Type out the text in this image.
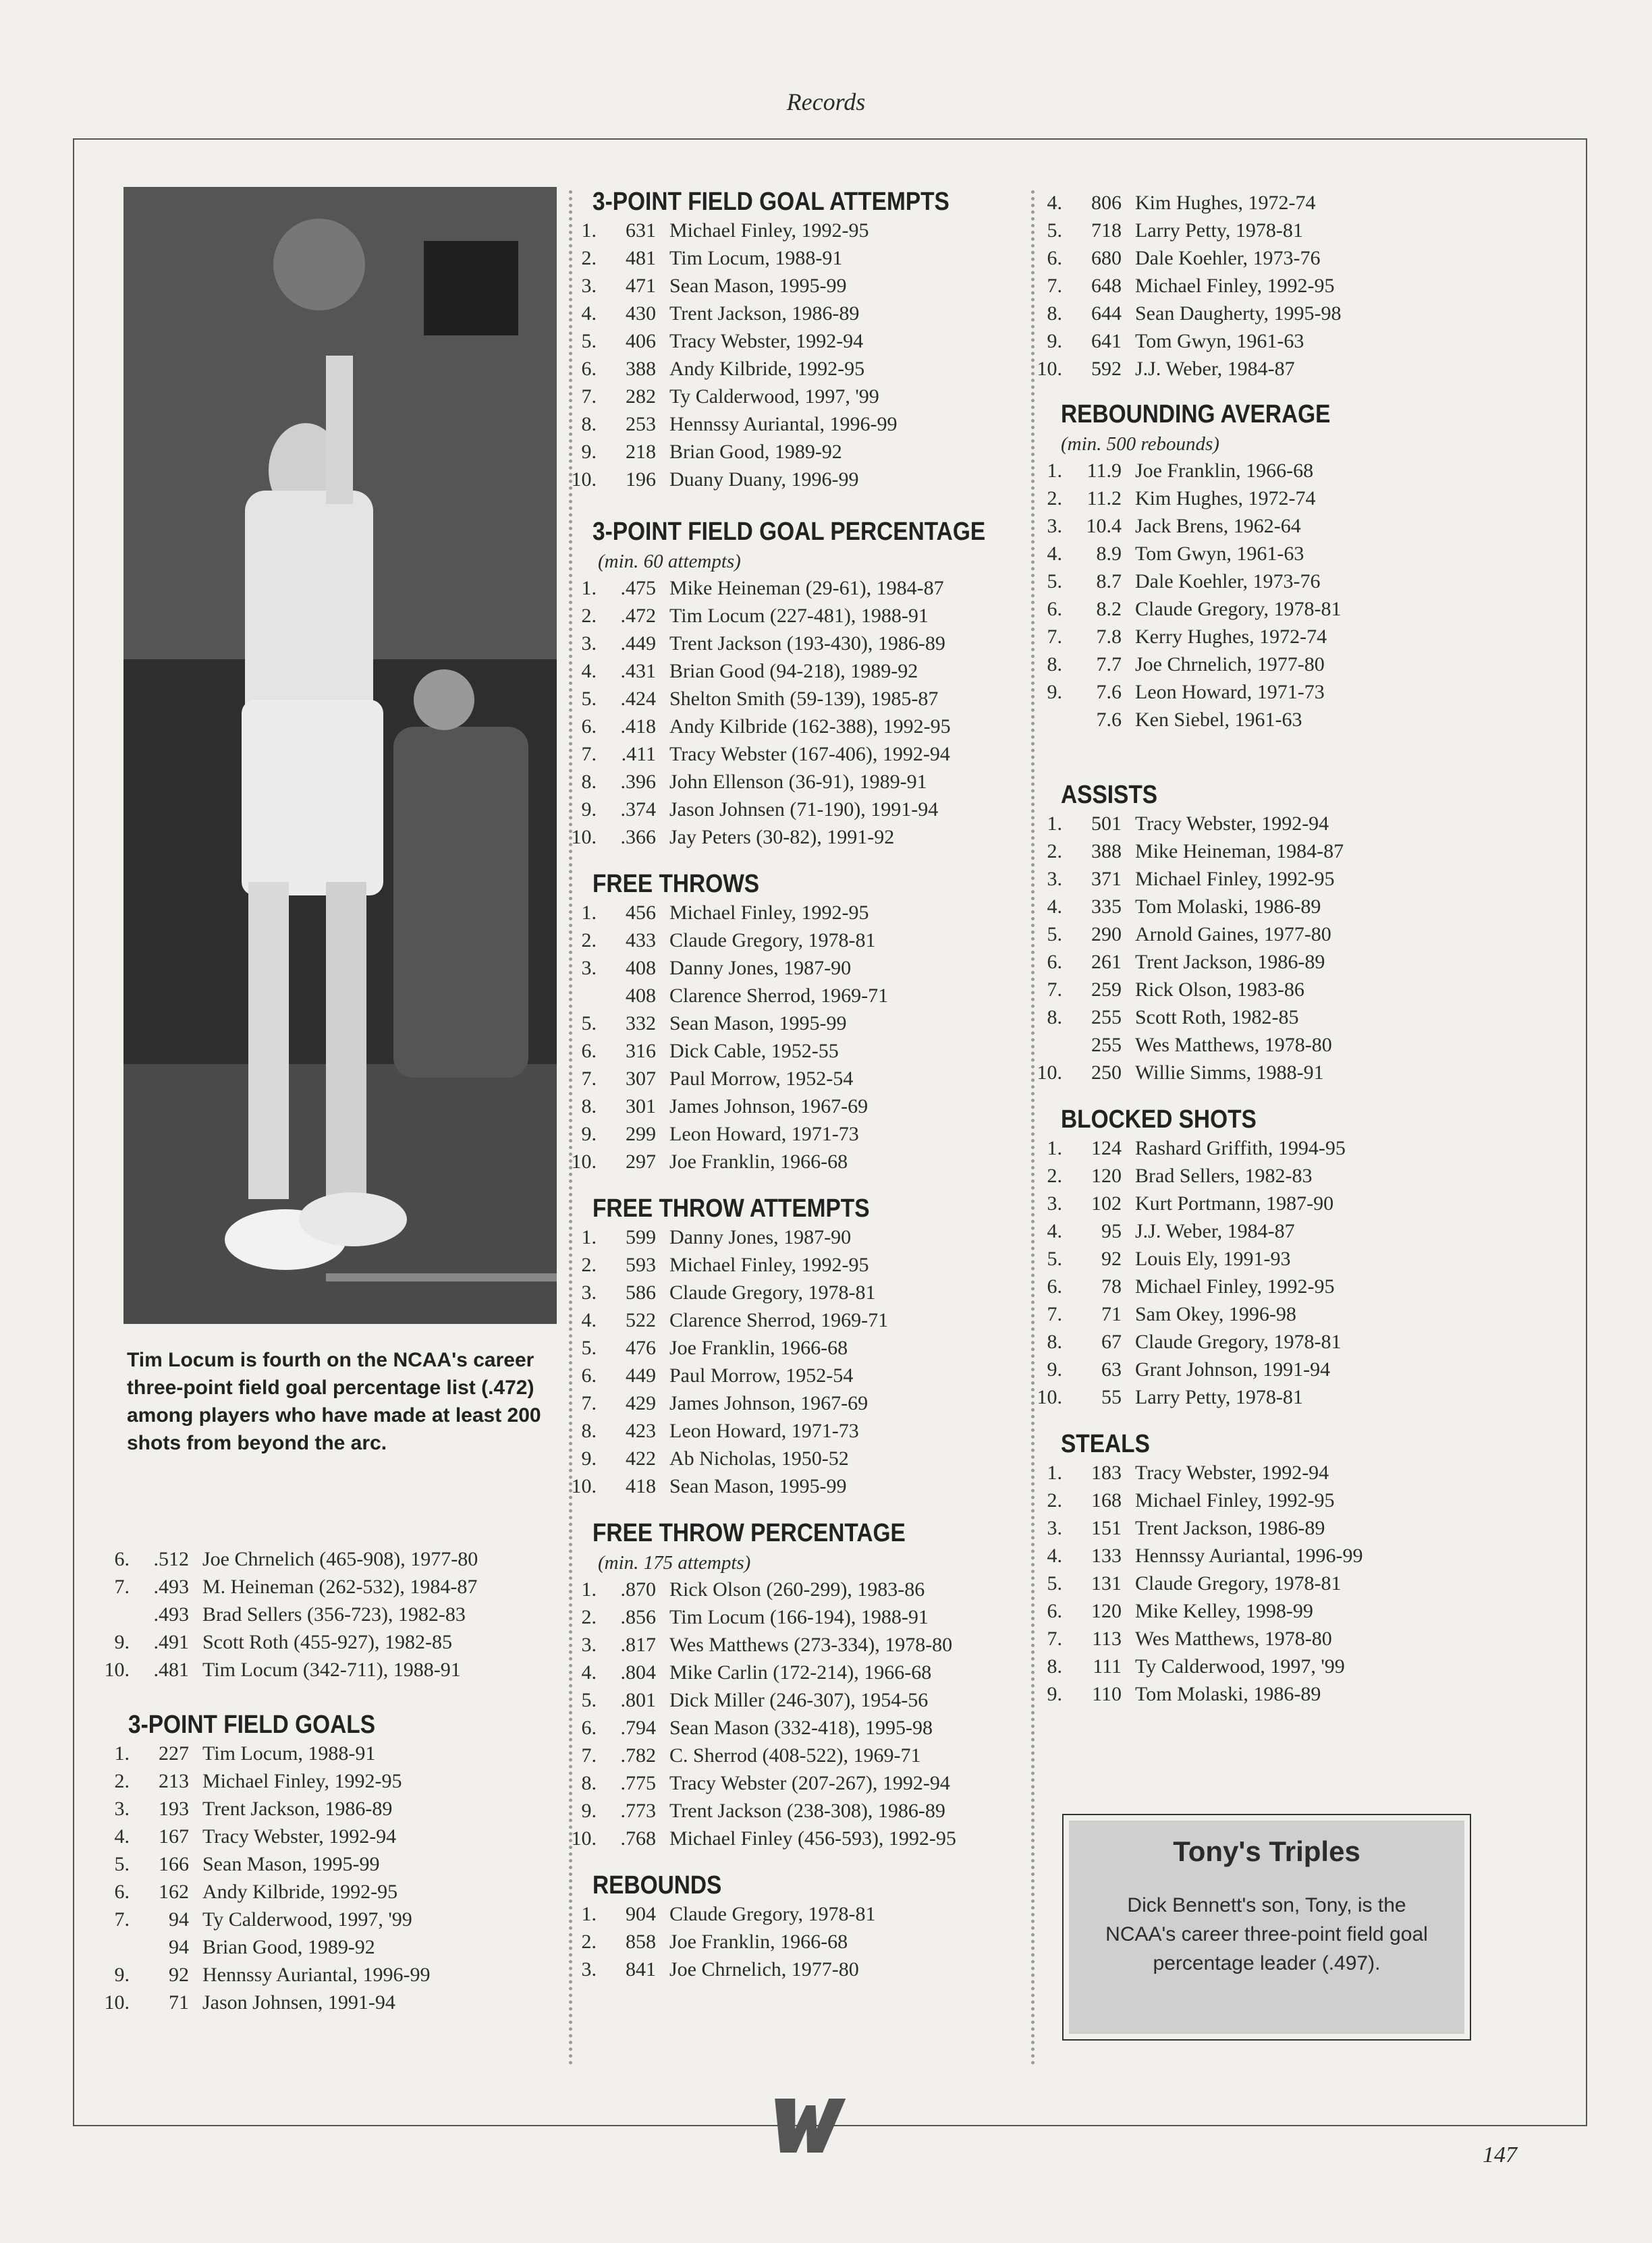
Records
Tim Locum is fourth on the NCAA's career three-point field goal percentage list (.472) among players who have made at least 200 shots from beyond the arc.
6.	.512 Joe Chrnelich (465-908), 1977-80
7.	.493 M. Heineman (262-532), 1984-87
.493 Brad Sellers (356-723), 1982-83
9.	.491 Scott Roth (455-927), 1982-85
10.	.481 Tim Locum (342-711), 1988-91
3-POINT FIELD GOALS
1.	227 Tim Locum, 1988-91
2.	213 Michael Finley, 1992-95
3.	193 Trent Jackson, 1986-89
4.	167 Tracy Webster, 1992-94
5.	166 Sean Mason, 1995-99
6.	162 Andy Kilbride, 1992-95
7.	94 Ty Calderwood, 1997, '99
94 Brian Good, 1989-92
9.	92 Hennssy Auriantal, 1996-99
10.	71 Jason Johnsen, 1991-94
3-POINT FIELD GOAL ATTEMPTS
1.	631 Michael Finley, 1992-95
2.	481 Tim Locum, 1988-91
3.	471 Sean Mason, 1995-99
4.	430 Trent Jackson, 1986-89
5.	406 Tracy Webster, 1992-94
6.	388 Andy Kilbride, 1992-95
7.	282 Ty Calderwood, 1997, '99
8.	253 Hennssy Auriantal, 1996-99
9.	218 Brian Good, 1989-92
10.	196 Duany Duany, 1996-99
3-POINT FIELD GOAL PERCENTAGE
(min. 60 attempts)
1.	.475 Mike Heineman (29-61), 1984-87
2.	.472 Tim Locum (227-481), 1988-91
3.	.449 Trent Jackson (193-430), 1986-89
4.	.431 Brian Good (94-218), 1989-92
5.	.424 Shelton Smith (59-139), 1985-87
6.	.418 Andy Kilbride (162-388), 1992-95
7.	.411 Tracy Webster (167-406), 1992-94
8.	.396 John Ellenson (36-91), 1989-91
9.	.374 Jason Johnsen (71-190), 1991-94
10.	.366 Jay Peters (30-82), 1991-92
FREE THROWS
1.	456 Michael Finley, 1992-95
2.	433 Claude Gregory, 1978-81
3.	408 Danny Jones, 1987-90
408 Clarence Sherrod, 1969-71
5.	332 Sean Mason, 1995-99
6.	316 Dick Cable, 1952-55
7.	307 Paul Morrow, 1952-54
8.	301 James Johnson, 1967-69
9.	299 Leon Howard, 1971-73
10.	297 Joe Franklin, 1966-68
FREE THROW ATTEMPTS
1.	599 Danny Jones, 1987-90
2.	593 Michael Finley, 1992-95
3.	586 Claude Gregory, 1978-81
4.	522 Clarence Sherrod, 1969-71
5.	476 Joe Franklin, 1966-68
6.	449 Paul Morrow, 1952-54
7.	429 James Johnson, 1967-69
8.	423 Leon Howard, 1971-73
9.	422 Ab Nicholas, 1950-52
10.	418 Sean Mason, 1995-99
FREE THROW PERCENTAGE
(min. 175 attempts)
1.	.870 Rick Olson (260-299), 1983-86
2.	.856 Tim Locum (166-194), 1988-91
3.	.817 Wes Matthews (273-334), 1978-80
4.	.804 Mike Carlin (172-214), 1966-68
5.	.801 Dick Miller (246-307), 1954-56
6.	.794 Sean Mason (332-418), 1995-98
7.	.782 C. Sherrod (408-522), 1969-71
8.	.775 Tracy Webster (207-267), 1992-94
9.	.773 Trent Jackson (238-308), 1986-89
10.	.768 Michael Finley (456-593), 1992-95
REBOUNDS
1.	904 Claude Gregory, 1978-81
2.	858 Joe Franklin, 1966-68
3.	841 Joe Chrnelich, 1977-80
4.	806 Kim Hughes, 1972-74
5.	718 Larry Petty, 1978-81
6.	680 Dale Koehler, 1973-76
7.	648 Michael Finley, 1992-95
8.	644 Sean Daugherty, 1995-98
9.	641 Tom Gwyn, 1961-63
10.	592 J.J. Weber, 1984-87
REBOUNDING AVERAGE
(min. 500 rebounds)
1.	11.9 Joe Franklin, 1966-68
2.	11.2 Kim Hughes, 1972-74
3.	10.4 Jack Brens, 1962-64
4.	8.9 Tom Gwyn, 1961-63
5.	8.7 Dale Koehler, 1973-76
6.	8.2 Claude Gregory, 1978-81
7.	7.8 Kerry Hughes, 1972-74
8.	7.7 Joe Chrnelich, 1977-80
9.	7.6 Leon Howard, 1971-73
7.6 Ken Siebel, 1961-63
ASSISTS
1.	501 Tracy Webster, 1992-94
2.	388 Mike Heineman, 1984-87
3.	371 Michael Finley, 1992-95
4.	335 Tom Molaski, 1986-89
5.	290 Arnold Gaines, 1977-80
6.	261 Trent Jackson, 1986-89
7.	259 Rick Olson, 1983-86
8.	255 Scott Roth, 1982-85
255 Wes Matthews, 1978-80
10.	250 Willie Simms, 1988-91
BLOCKED SHOTS
1.	124 Rashard Griffith, 1994-95
2.	120 Brad Sellers, 1982-83
3.	102 Kurt Portmann, 1987-90
4.	95 J.J. Weber, 1984-87
5.	92 Louis Ely, 1991-93
6.	78 Michael Finley, 1992-95
7.	71 Sam Okey, 1996-98
8.	67 Claude Gregory, 1978-81
9.	63 Grant Johnson, 1991-94
10.	55 Larry Petty, 1978-81
STEALS
1.	183 Tracy Webster, 1992-94
2.	168 Michael Finley, 1992-95
3.	151 Trent Jackson, 1986-89
4.	133 Hennssy Auriantal, 1996-99
5.	131 Claude Gregory, 1978-81
6.	120 Mike Kelley, 1998-99
7.	113 Wes Matthews, 1978-80
8.	111 Ty Calderwood, 1997, '99
9.	110 Tom Molaski, 1986-89
Tony's Triples
Dick Bennett's son, Tony, is the NCAA's career three-point field goal percentage leader (.497).
147
